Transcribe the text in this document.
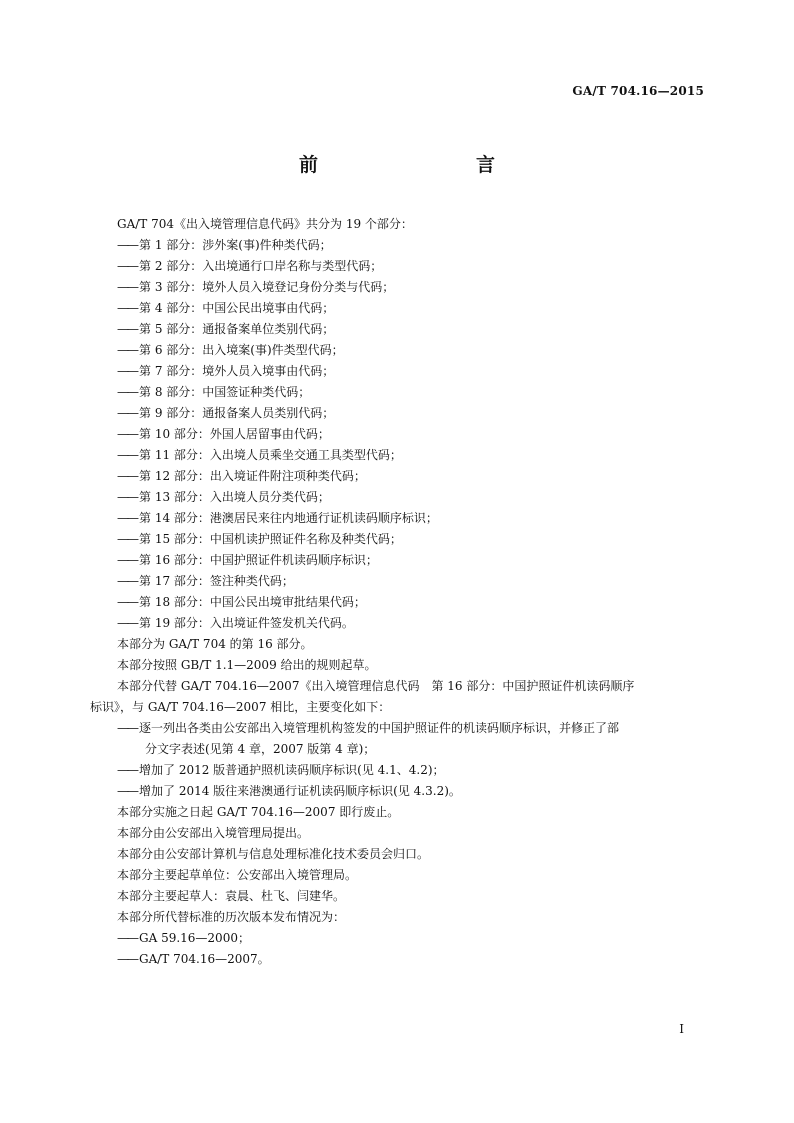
GA/T 704.16—2015
前　　言
GA/T 704《出入境管理信息代码》共分为 19 个部分：
—— 第 1 部分：涉外案(事)件种类代码；
—— 第 2 部分：入出境通行口岸名称与类型代码；
—— 第 3 部分：境外人员入境登记身份分类与代码；
—— 第 4 部分：中国公民出境事由代码；
—— 第 5 部分：通报备案单位类别代码；
—— 第 6 部分：出入境案(事)件类型代码；
—— 第 7 部分：境外人员入境事由代码；
—— 第 8 部分：中国签证种类代码；
—— 第 9 部分：通报备案人员类别代码；
—— 第 10 部分：外国人居留事由代码；
—— 第 11 部分：入出境人员乘坐交通工具类型代码；
—— 第 12 部分：出入境证件附注项种类代码；
—— 第 13 部分：入出境人员分类代码；
—— 第 14 部分：港澳居民来往内地通行证机读码顺序标识；
—— 第 15 部分：中国机读护照证件名称及种类代码；
—— 第 16 部分：中国护照证件机读码顺序标识；
—— 第 17 部分：签注种类代码；
—— 第 18 部分：中国公民出境审批结果代码；
—— 第 19 部分：入出境证件签发机关代码。
本部分为 GA/T 704 的第 16 部分。
本部分按照 GB/T 1.1—2009 给出的规则起草。
本部分代替 GA/T 704.16—2007《出入境管理信息代码　第 16 部分：中国护照证件机读码顺序
标识》，与 GA/T 704.16—2007 相比，主要变化如下：
—— 逐一列出各类由公安部出入境管理机构签发的中国护照证件的机读码顺序标识，并修正了部
分文字表述(见第 4 章，2007 版第 4 章)；
—— 增加了 2012 版普通护照机读码顺序标识(见 4.1、4.2)；
—— 增加了 2014 版往来港澳通行证机读码顺序标识(见 4.3.2)。
本部分实施之日起 GA/T 704.16—2007 即行废止。
本部分由公安部出入境管理局提出。
本部分由公安部计算机与信息处理标准化技术委员会归口。
本部分主要起草单位：公安部出入境管理局。
本部分主要起草人：袁晨、杜飞、闫建华。
本部分所代替标准的历次版本发布情况为：
—— GA 59.16—2000；
—— GA/T 704.16—2007。
I
